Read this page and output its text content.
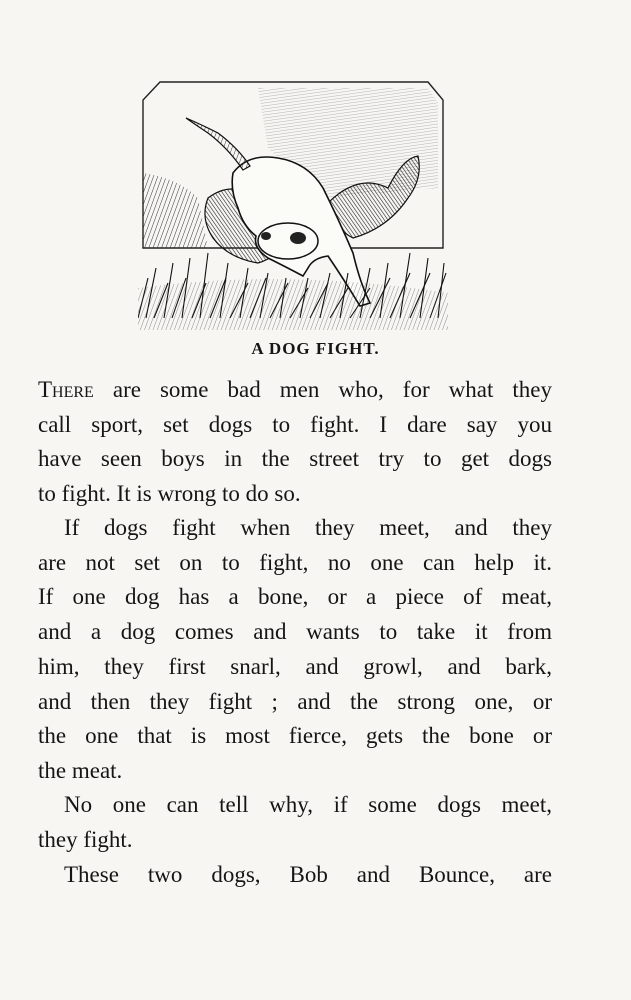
A DOG FIGHT.
There are some bad men who, for what they
call sport, set dogs to fight. I dare say you
have seen boys in the street try to get dogs
to fight. It is wrong to do so.
If dogs fight when they meet, and they
are not set on to fight, no one can help it.
If one dog has a bone, or a piece of meat,
and a dog comes and wants to take it from
him, they first snarl, and growl, and bark,
and then they fight ; and the strong one, or
the one that is most fierce, gets the bone or
the meat.
No one can tell why, if some dogs meet,
they fight.
These two dogs, Bob and Bounce, are
